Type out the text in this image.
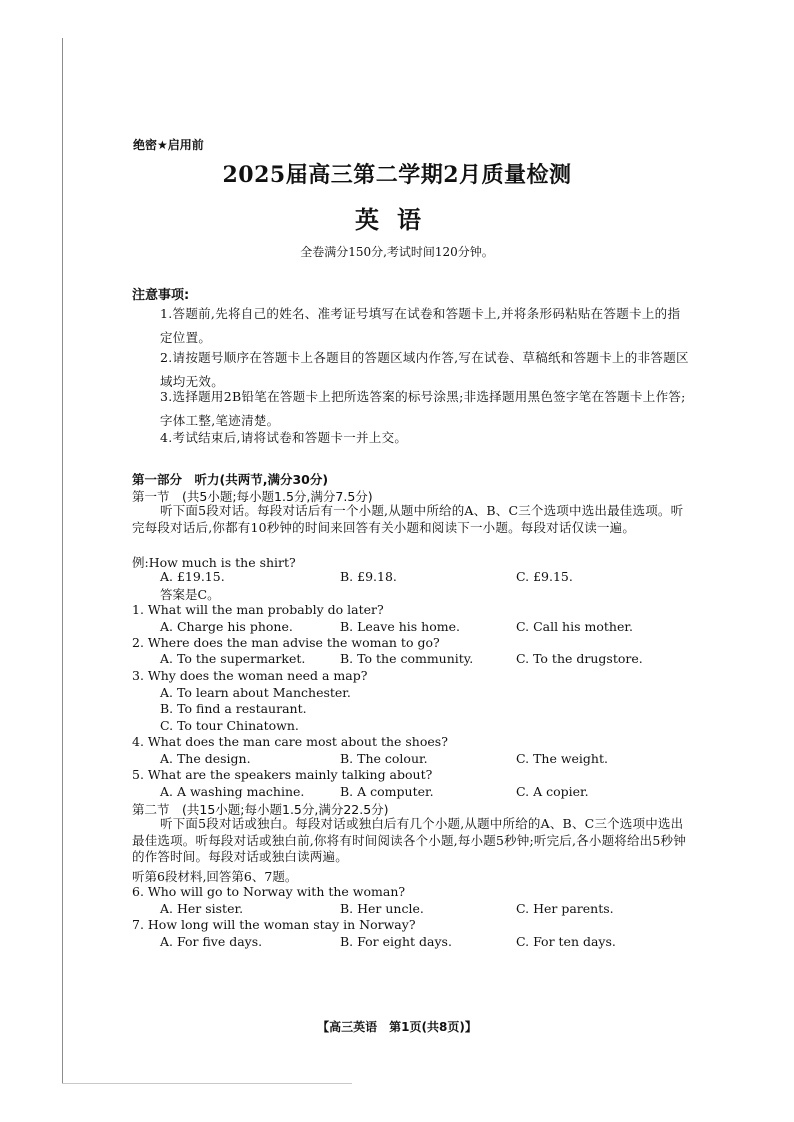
绝密★启用前
2025届高三第二学期2月质量检测
英语
全卷满分150分,考试时间120分钟。
注意事项:
1.答题前,先将自己的姓名、准考证号填写在试卷和答题卡上,并将条形码粘贴在答题卡上的指定位置。
2.请按题号顺序在答题卡上各题目的答题区域内作答,写在试卷、草稿纸和答题卡上的非答题区域均无效。
3.选择题用2B铅笔在答题卡上把所选答案的标号涂黑;非选择题用黑色签字笔在答题卡上作答;字体工整,笔迹清楚。
4.考试结束后,请将试卷和答题卡一并上交。
第一部分　听力(共两节,满分30分)
第一节　(共5小题;每小题1.5分,满分7.5分)
听下面5段对话。每段对话后有一个小题,从题中所给的A、B、C三个选项中选出最佳选项。听完每段对话后,你都有10秒钟的时间来回答有关小题和阅读下一小题。每段对话仅读一遍。
例:How much is the shirt?
A. £19.15.	B. £9.18.	C. £9.15.
答案是C。
1. What will the man probably do later?
A. Charge his phone.	B. Leave his home.	C. Call his mother.
2. Where does the man advise the woman to go?
A. To the supermarket.	B. To the community.	C. To the drugstore.
3. Why does the woman need a map?
A. To learn about Manchester.
B. To find a restaurant.
C. To tour Chinatown.
4. What does the man care most about the shoes?
A. The design.	B. The colour.	C. The weight.
5. What are the speakers mainly talking about?
A. A washing machine.	B. A computer.	C. A copier.
第二节　(共15小题;每小题1.5分,满分22.5分)
听下面5段对话或独白。每段对话或独白后有几个小题,从题中所给的A、B、C三个选项中选出最佳选项。听每段对话或独白前,你将有时间阅读各个小题,每小题5秒钟;听完后,各小题将给出5秒钟的作答时间。每段对话或独白读两遍。
听第6段材料,回答第6、7题。
6. Who will go to Norway with the woman?
A. Her sister.	B. Her uncle.	C. Her parents.
7. How long will the woman stay in Norway?
A. For five days.	B. For eight days.	C. For ten days.
【高三英语　第1页(共8页)】
